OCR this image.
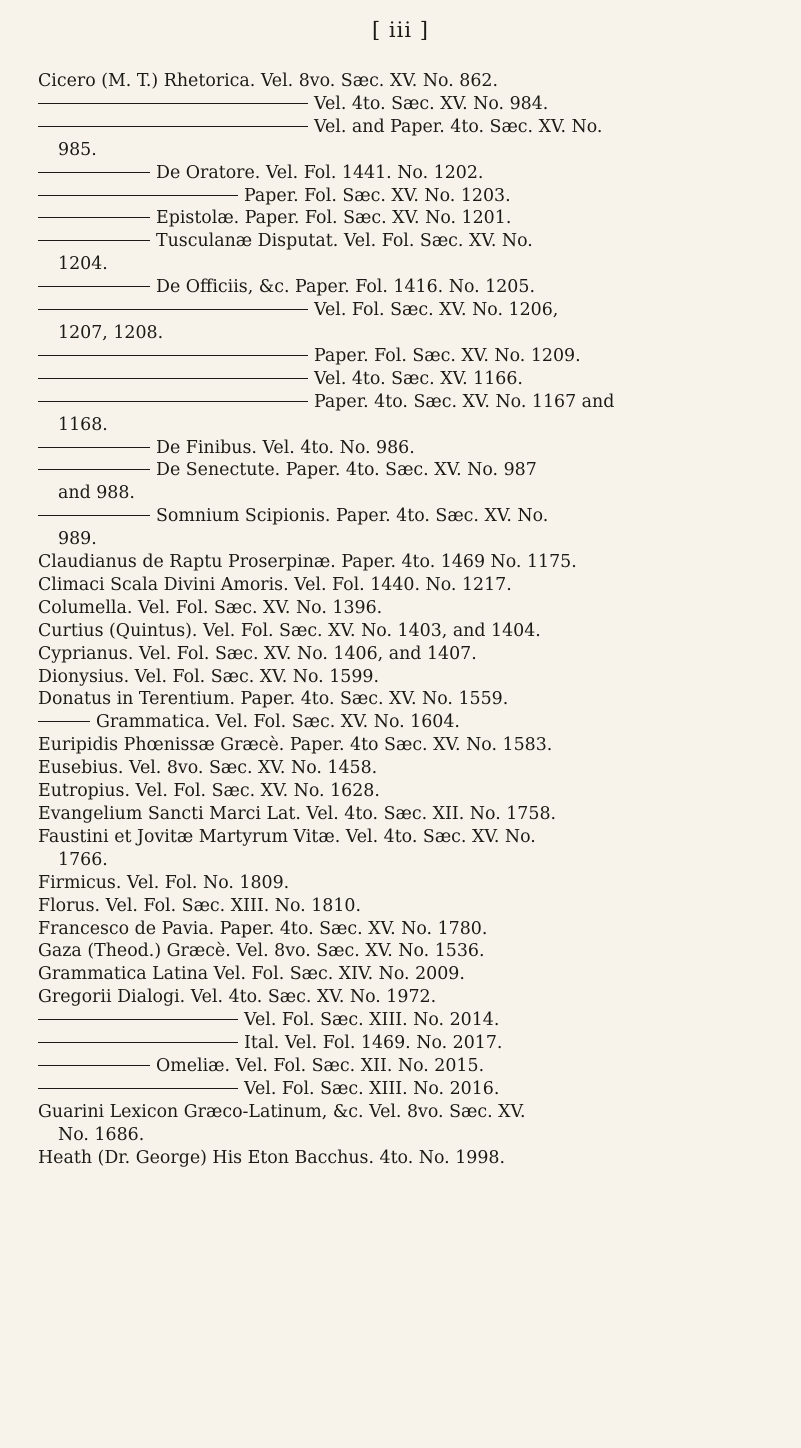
[ iii ]
Cicero (M. T.) Rhetorica. Vel. 8vo. Sæc. XV. No. 862.
Vel. 4to. Sæc. XV. No. 984.
Vel. and Paper. 4to. Sæc. XV. No.
985.
De Oratore. Vel. Fol. 1441. No. 1202.
Paper. Fol. Sæc. XV. No. 1203.
Epistolæ. Paper. Fol. Sæc. XV. No. 1201.
Tusculanæ Disputat. Vel. Fol. Sæc. XV. No.
1204.
De Officiis, &c. Paper. Fol. 1416. No. 1205.
Vel. Fol. Sæc. XV. No. 1206,
1207, 1208.
Paper. Fol. Sæc. XV. No. 1209.
Vel. 4to. Sæc. XV. 1166.
Paper. 4to. Sæc. XV. No. 1167 and
1168.
De Finibus. Vel. 4to. No. 986.
De Senectute. Paper. 4to. Sæc. XV. No. 987
and 988.
Somnium Scipionis. Paper. 4to. Sæc. XV. No.
989.
Claudianus de Raptu Proserpinæ. Paper. 4to. 1469 No. 1175.
Climaci Scala Divini Amoris. Vel. Fol. 1440. No. 1217.
Columella. Vel. Fol. Sæc. XV. No. 1396.
Curtius (Quintus). Vel. Fol. Sæc. XV. No. 1403, and 1404.
Cyprianus. Vel. Fol. Sæc. XV. No. 1406, and 1407.
Dionysius. Vel. Fol. Sæc. XV. No. 1599.
Donatus in Terentium. Paper. 4to. Sæc. XV. No. 1559.
Grammatica. Vel. Fol. Sæc. XV. No. 1604.
Euripidis Phœnissæ Græcè. Paper. 4to Sæc. XV. No. 1583.
Eusebius. Vel. 8vo. Sæc. XV. No. 1458.
Eutropius. Vel. Fol. Sæc. XV. No. 1628.
Evangelium Sancti Marci Lat. Vel. 4to. Sæc. XII. No. 1758.
Faustini et Jovitæ Martyrum Vitæ. Vel. 4to. Sæc. XV. No.
1766.
Firmicus. Vel. Fol. No. 1809.
Florus. Vel. Fol. Sæc. XIII. No. 1810.
Francesco de Pavia. Paper. 4to. Sæc. XV. No. 1780.
Gaza (Theod.) Græcè. Vel. 8vo. Sæc. XV. No. 1536.
Grammatica Latina Vel. Fol. Sæc. XIV. No. 2009.
Gregorii Dialogi. Vel. 4to. Sæc. XV. No. 1972.
Vel. Fol. Sæc. XIII. No. 2014.
Ital. Vel. Fol. 1469. No. 2017.
Omeliæ. Vel. Fol. Sæc. XII. No. 2015.
Vel. Fol. Sæc. XIII. No. 2016.
Guarini Lexicon Græco-Latinum, &c. Vel. 8vo. Sæc. XV.
No. 1686.
Heath (Dr. George) His Eton Bacchus. 4to. No. 1998.
